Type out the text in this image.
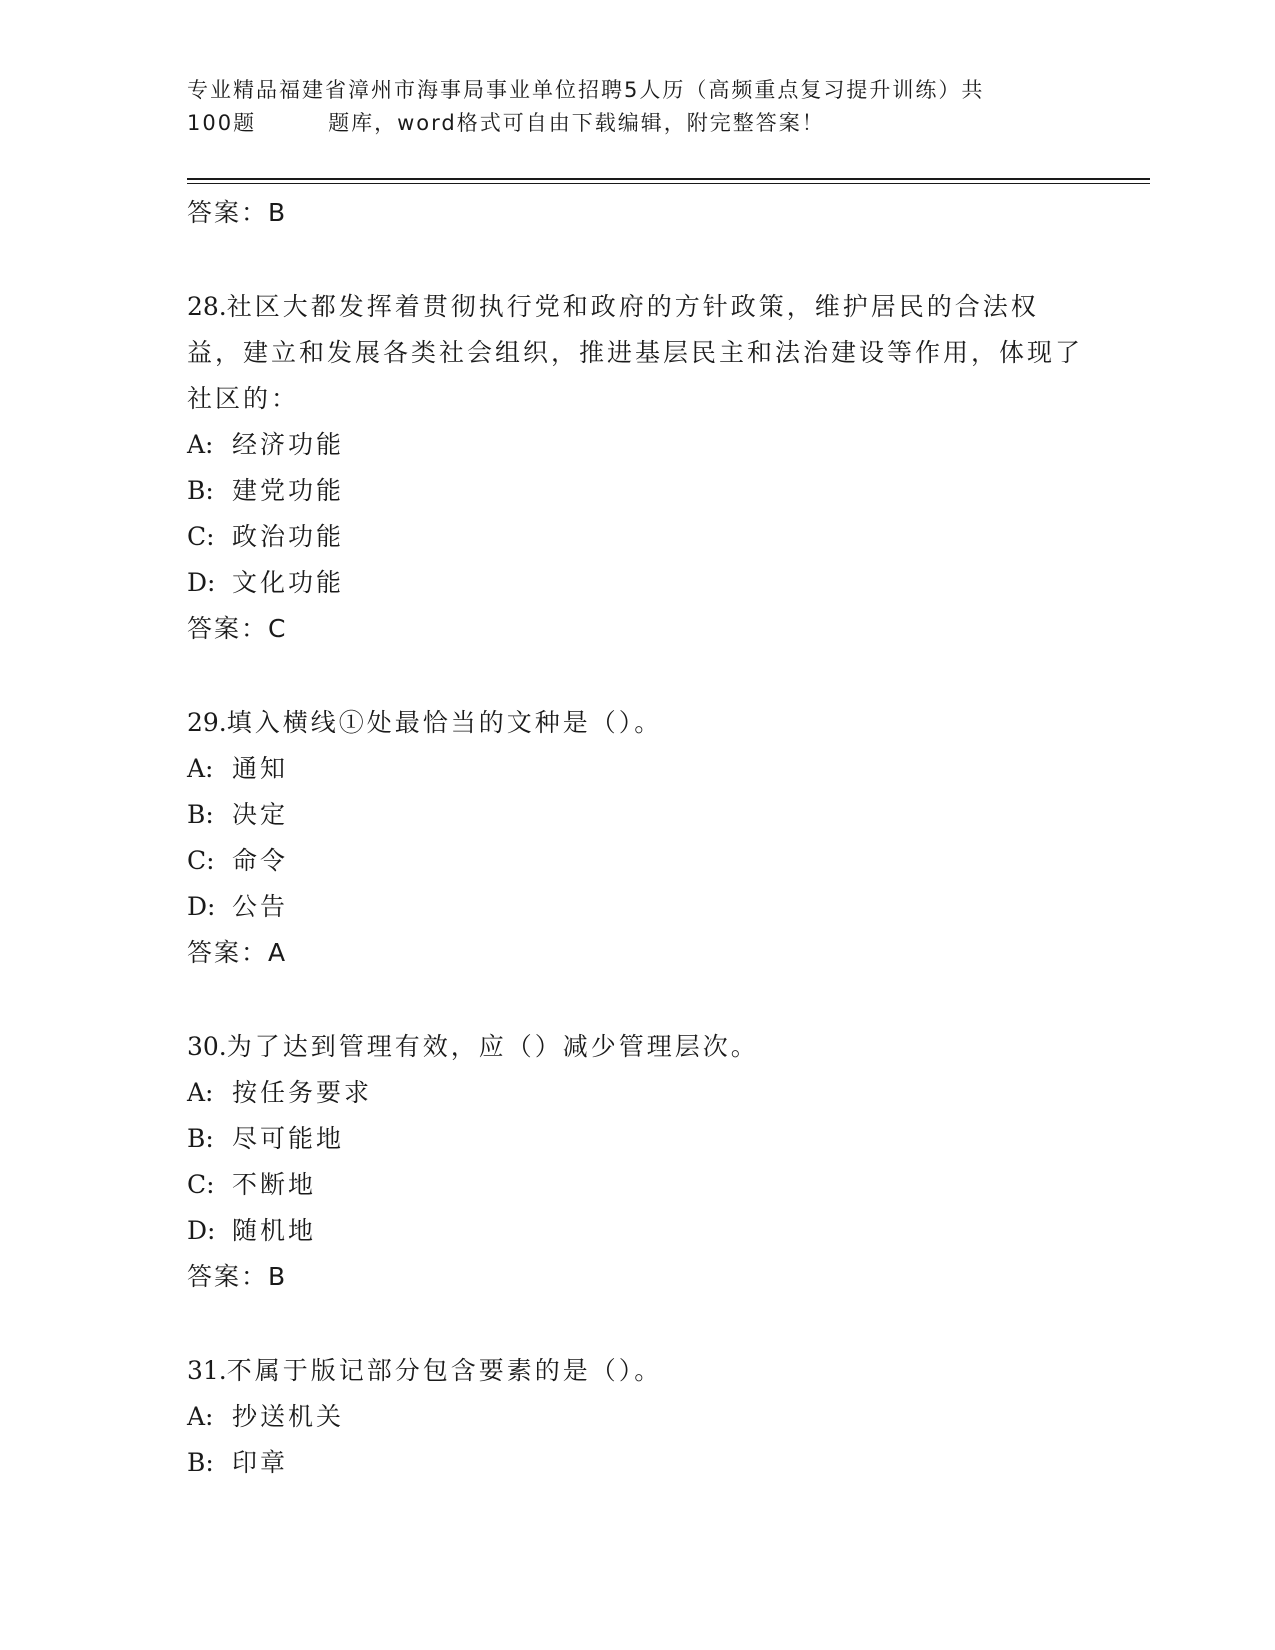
专业精品福建省漳州市海事局事业单位招聘5人历（高频重点复习提升训练）共
100题	题库，word格式可自由下载编辑，附完整答案！
答案：B
28.社区大都发挥着贯彻执行党和政府的方针政策，维护居民的合法权益，建立和发展各类社会组织，推进基层民主和法治建设等作用，体现了社区的：
A: 经济功能
B: 建党功能
C: 政治功能
D: 文化功能
答案：C
29.填入横线①处最恰当的文种是（）。
A: 通知
B: 决定
C: 命令
D: 公告
答案：A
30.为了达到管理有效，应（）减少管理层次。
A: 按任务要求
B: 尽可能地
C: 不断地
D: 随机地
答案：B
31.不属于版记部分包含要素的是（）。
A: 抄送机关
B: 印章
